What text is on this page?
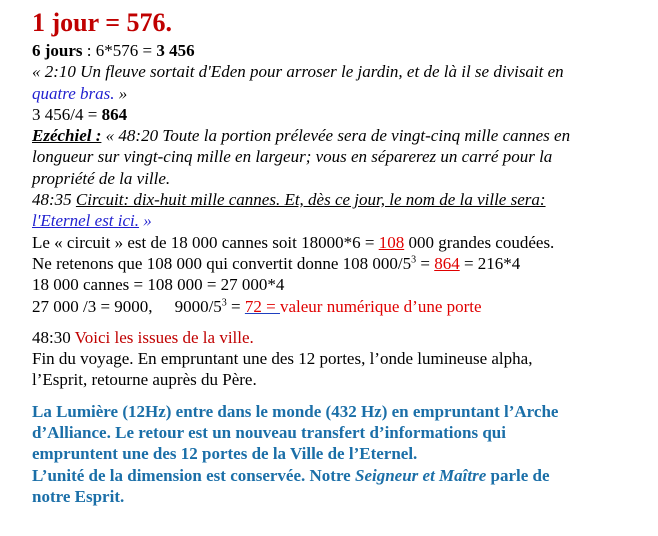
1 jour = 576.
6 jours : 6*576 = 3 456
« 2:10 Un fleuve sortait d'Eden pour arroser le jardin, et de là il se divisait en
quatre bras. »
3 456/4 = 864
Ezéchiel : « 48:20 Toute la portion prélevée sera de vingt-cinq mille cannes en
longueur sur vingt-cinq mille en largeur; vous en séparerez un carré pour la
propriété de la ville.
48:35 Circuit: dix-huit mille cannes. Et, dès ce jour, le nom de la ville sera:
l'Eternel est ici. »
Le « circuit » est de 18 000 cannes soit 18000*6 = 108 000 grandes coudées.
Ne retenons que 108 000 qui convertit donne 108 $000/5^3 = 864 = 216*4$
18 000 cannes = 108 000 = 27 000*4
27 000 /3 = 9000, $9000/5^3 = 72$ = valeur numérique d’une porte
48:30 Voici les issues de la ville.
Fin du voyage. En empruntant une des 12 portes, l’onde lumineuse alpha,
l’Esprit, retourne auprès du Père.
La Lumière (12Hz) entre dans le monde (432 Hz) en empruntant l’Arche
d’Alliance. Le retour est un nouveau transfert d’informations qui
empruntent une des 12 portes de la Ville de l’Eternel.
L’unité de la dimension est conservée. Notre Seigneur et Maître parle de
notre Esprit.
